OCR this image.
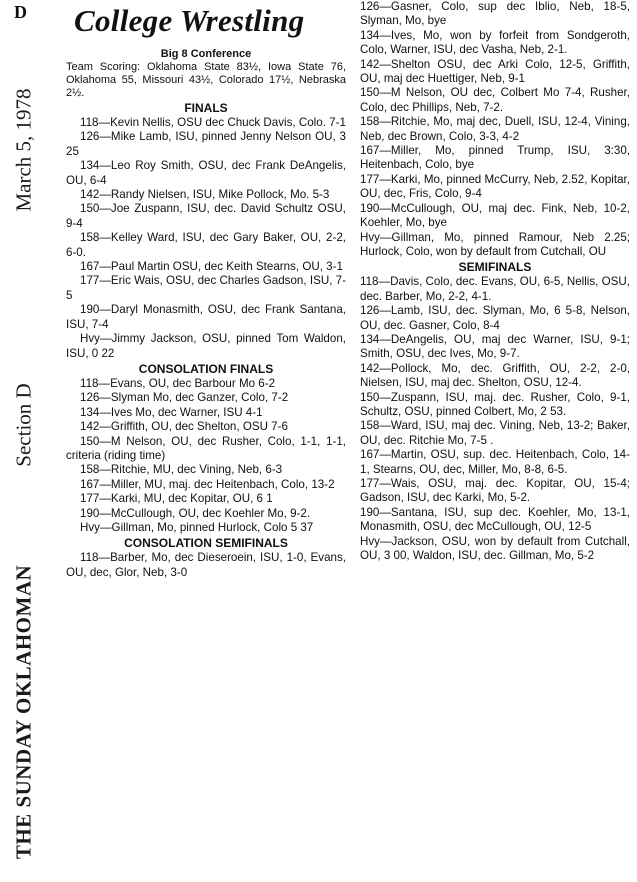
D
March 5, 1978
Section D
THE SUNDAY OKLAHOMAN
College Wrestling
Big 8 Conference
Team Scoring: Oklahoma State 83½, Iowa State 76, Oklahoma 55, Missouri 43½, Colorado 17½, Nebraska 2½.
FINALS
118—Kevin Nellis, OSU dec Chuck Davis, Colo. 7-1
126—Mike Lamb, ISU, pinned Jenny Nelson OU, 3 25
134—Leo Roy Smith, OSU, dec Frank DeAngelis, OU, 6-4
142—Randy Nielsen, ISU, Mike Pollock, Mo. 5-3
150—Joe Zuspann, ISU, dec. David Schultz OSU, 9-4
158—Kelley Ward, ISU, dec Gary Baker, OU, 2-2, 6-0.
167—Paul Martin OSU, dec Keith Stearns, OU, 3-1
177—Eric Wais, OSU, dec Charles Gadson, ISU, 7-5
190—Daryl Monasmith, OSU, dec Frank Santana, ISU, 7-4
Hvy—Jimmy Jackson, OSU, pinned Tom Waldon, ISU, 0 22
CONSOLATION FINALS
118—Evans, OU, dec Barbour Mo 6-2
126—Slyman Mo, dec Ganzer, Colo, 7-2
134—Ives Mo, dec Warner, ISU 4-1
142—Griffith, OU, dec Shelton, OSU 7-6
150—M Nelson, OU, dec Rusher, Colo, 1-1, 1-1, criteria (riding time)
158—Ritchie, MU, dec Vining, Neb, 6-3
167—Miller, MU, maj. dec Heitenbach, Colo, 13-2
177—Karki, MU, dec Kopitar, OU, 6 1
190—McCullough, OU, dec Koehler Mo, 9-2.
Hvy—Gillman, Mo, pinned Hurlock, Colo 5 37
CONSOLATION SEMIFINALS
118—Barber, Mo, dec Dieseroein, ISU, 1-0, Evans, OU, dec, Glor, Neb, 3-0
126—Gasner, Colo, sup dec Iblio, Neb, 18-5, Slyman, Mo, bye
134—Ives, Mo, won by forfeit from Sondgeroth, Colo, Warner, ISU, dec Vasha, Neb, 2-1.
142—Shelton OSU, dec Arki Colo, 12-5, Griffith, OU, maj dec Huettiger, Neb, 9-1
150—M Nelson, OU dec, Colbert Mo 7-4, Rusher, Colo, dec Phillips, Neb, 7-2.
158—Ritchie, Mo, maj dec, Duell, ISU, 12-4, Vining, Neb, dec Brown, Colo, 3-3, 4-2
167—Miller, Mo, pinned Trump, ISU, 3:30, Heitenbach, Colo, bye
177—Karki, Mo, pinned McCurry, Neb, 2.52, Kopitar, OU, dec, Fris, Colo, 9-4
190—McCullough, OU, maj dec. Fink, Neb, 10-2, Koehler, Mo, bye
Hvy—Gillman, Mo, pinned Ramour, Neb 2.25; Hurlock, Colo, won by default from Cutchall, OU
SEMIFINALS
118—Davis, Colo, dec. Evans, OU, 6-5, Nellis, OSU, dec. Barber, Mo, 2-2, 4-1.
126—Lamb, ISU, dec. Slyman, Mo, 6 5-8, Nelson, OU, dec. Gasner, Colo, 8-4
134—DeAngelis, OU, maj dec Warner, ISU, 9-1; Smith, OSU, dec Ives, Mo, 9-7.
142—Pollock, Mo, dec. Griffith, OU, 2-2, 2-0, Nielsen, ISU, maj dec. Shelton, OSU, 12-4.
150—Zuspann, ISU, maj. dec. Rusher, Colo, 9-1, Schultz, OSU, pinned Colbert, Mo, 2 53.
158—Ward, ISU, maj dec. Vining, Neb, 13-2; Baker, OU, dec. Ritchie Mo, 7-5 .
167—Martin, OSU, sup. dec. Heitenbach, Colo, 14-1, Stearns, OU, dec, Miller, Mo, 8-8, 6-5.
177—Wais, OSU, maj. dec. Kopitar, OU, 15-4; Gadson, ISU, dec Karki, Mo, 5-2.
190—Santana, ISU, sup dec. Koehler, Mo, 13-1, Monasmith, OSU, dec McCullough, OU, 12-5
Hvy—Jackson, OSU, won by default from Cutchall, OU, 3 00, Waldon, ISU, dec. Gillman, Mo, 5-2
